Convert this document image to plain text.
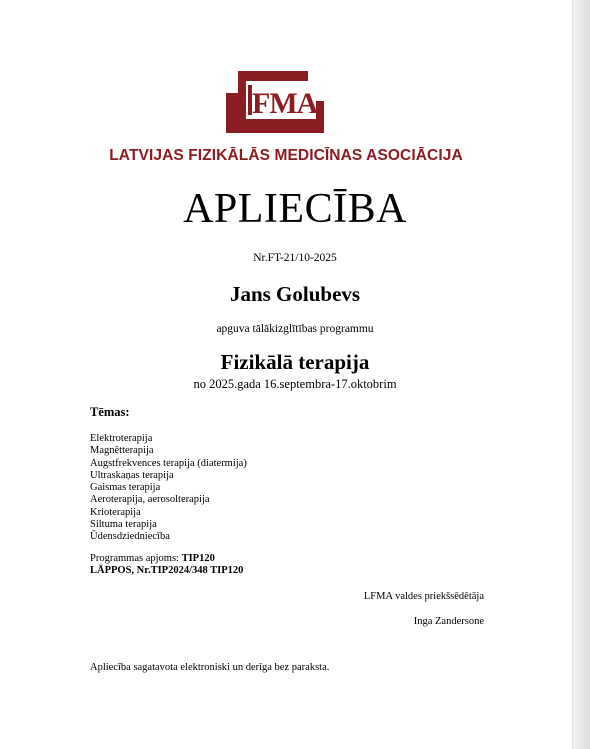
FMA
LATVIJAS FIZIKĀLĀS MEDICĪNAS ASOCIĀCIJA
APLIECĪBA
Nr.FT-21/10-2025
Jans Golubevs
apguva tālākizglītības programmu
Fizikālā terapija
no 2025.gada 16.septembra-17.oktobrim
Tēmas:
Elektroterapija
Magnētterapija
Augstfrekvences terapija (diatermija)
Ultraskaņas terapija
Gaismas terapija
Aeroterapija, aerosolterapija
Krioterapija
Siltuma terapija
Ūdensdziedniecība
Programmas apjoms: TIP120
LĀPPOS, Nr.TIP2024/348 TIP120
LFMA valdes priekšsēdētāja
Inga Zandersone
Apliecība sagatavota elektroniski un derīga bez paraksta.
